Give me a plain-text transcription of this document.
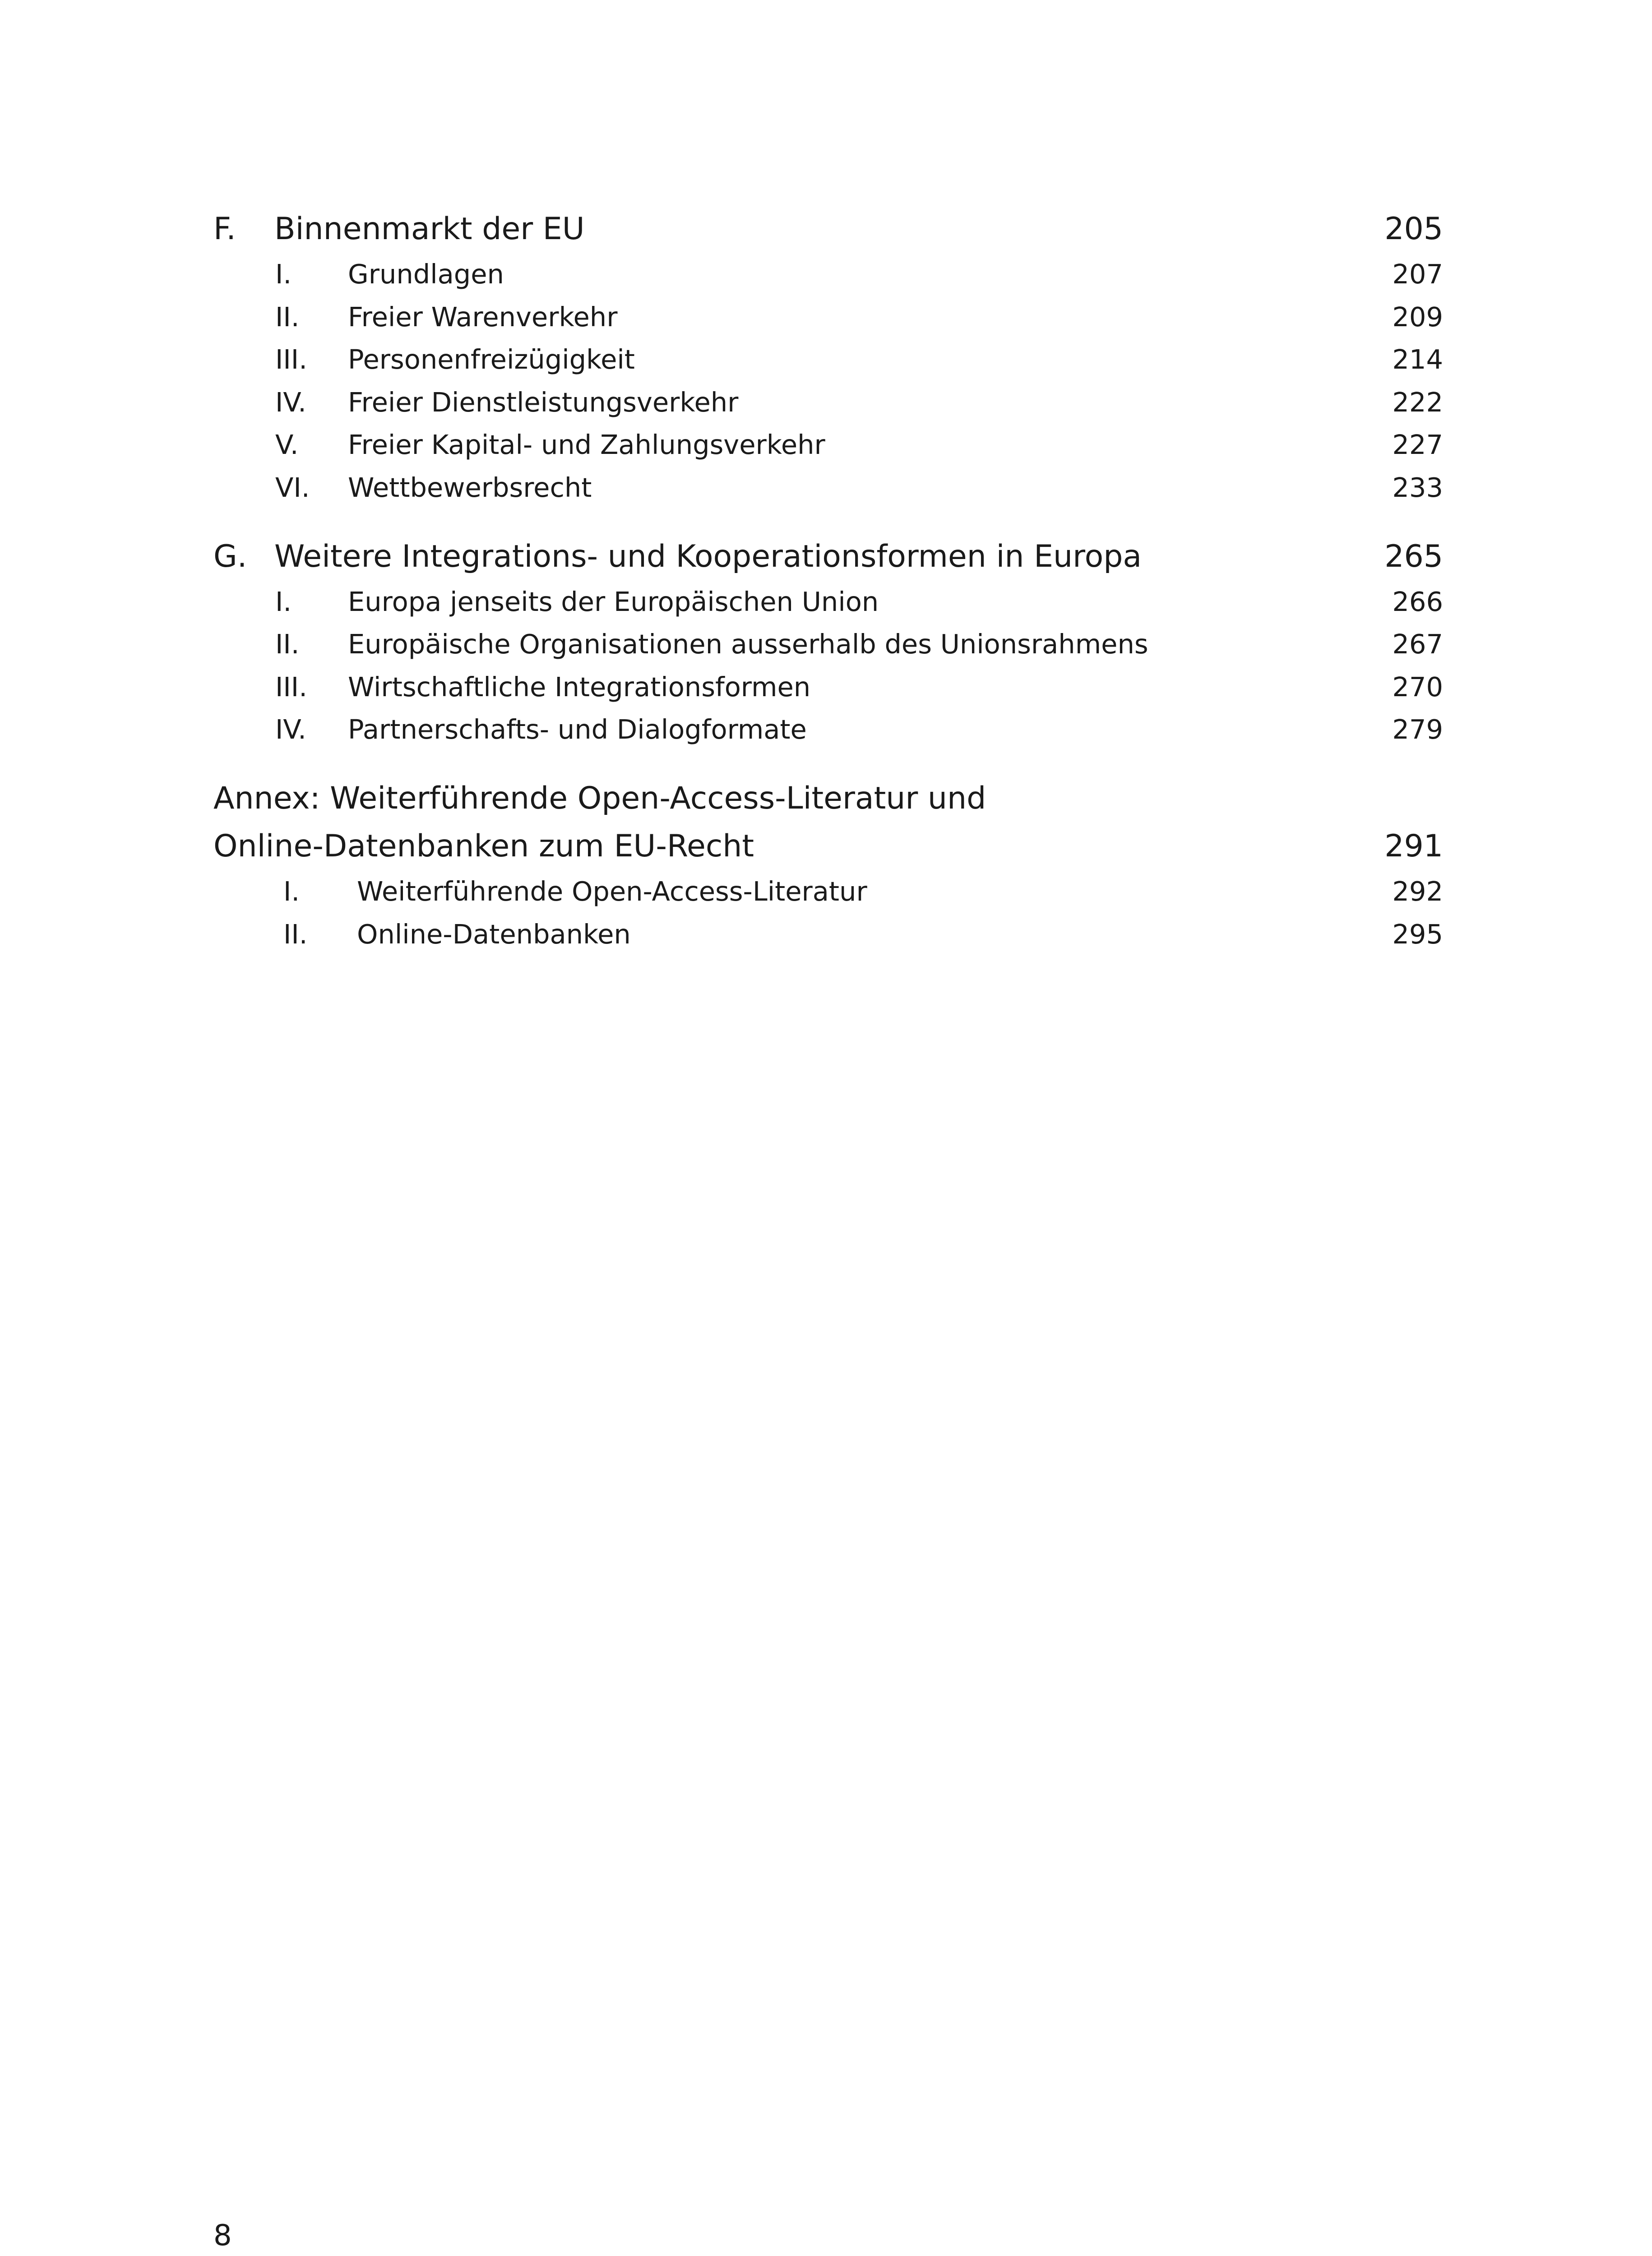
F. Binnenmarkt der EU	205
I. Grundlagen	207
II. Freier Warenverkehr	209
III. Personenfreizügigkeit	214
IV. Freier Dienstleistungsverkehr	222
V. Freier Kapital- und Zahlungsverkehr	227
VI. Wettbewerbsrecht	233
G. Weitere Integrations- und Kooperationsformen in Europa	265
I. Europa jenseits der Europäischen Union	266
II. Europäische Organisationen ausserhalb des Unionsrahmens	267
III. Wirtschaftliche Integrationsformen	270
IV. Partnerschafts- und Dialogformate	279
Annex: Weiterführende Open-Access-Literatur und
Online-Datenbanken zum EU-Recht	291
I. Weiterführende Open-Access-Literatur	292
II. Online-Datenbanken	295
8
